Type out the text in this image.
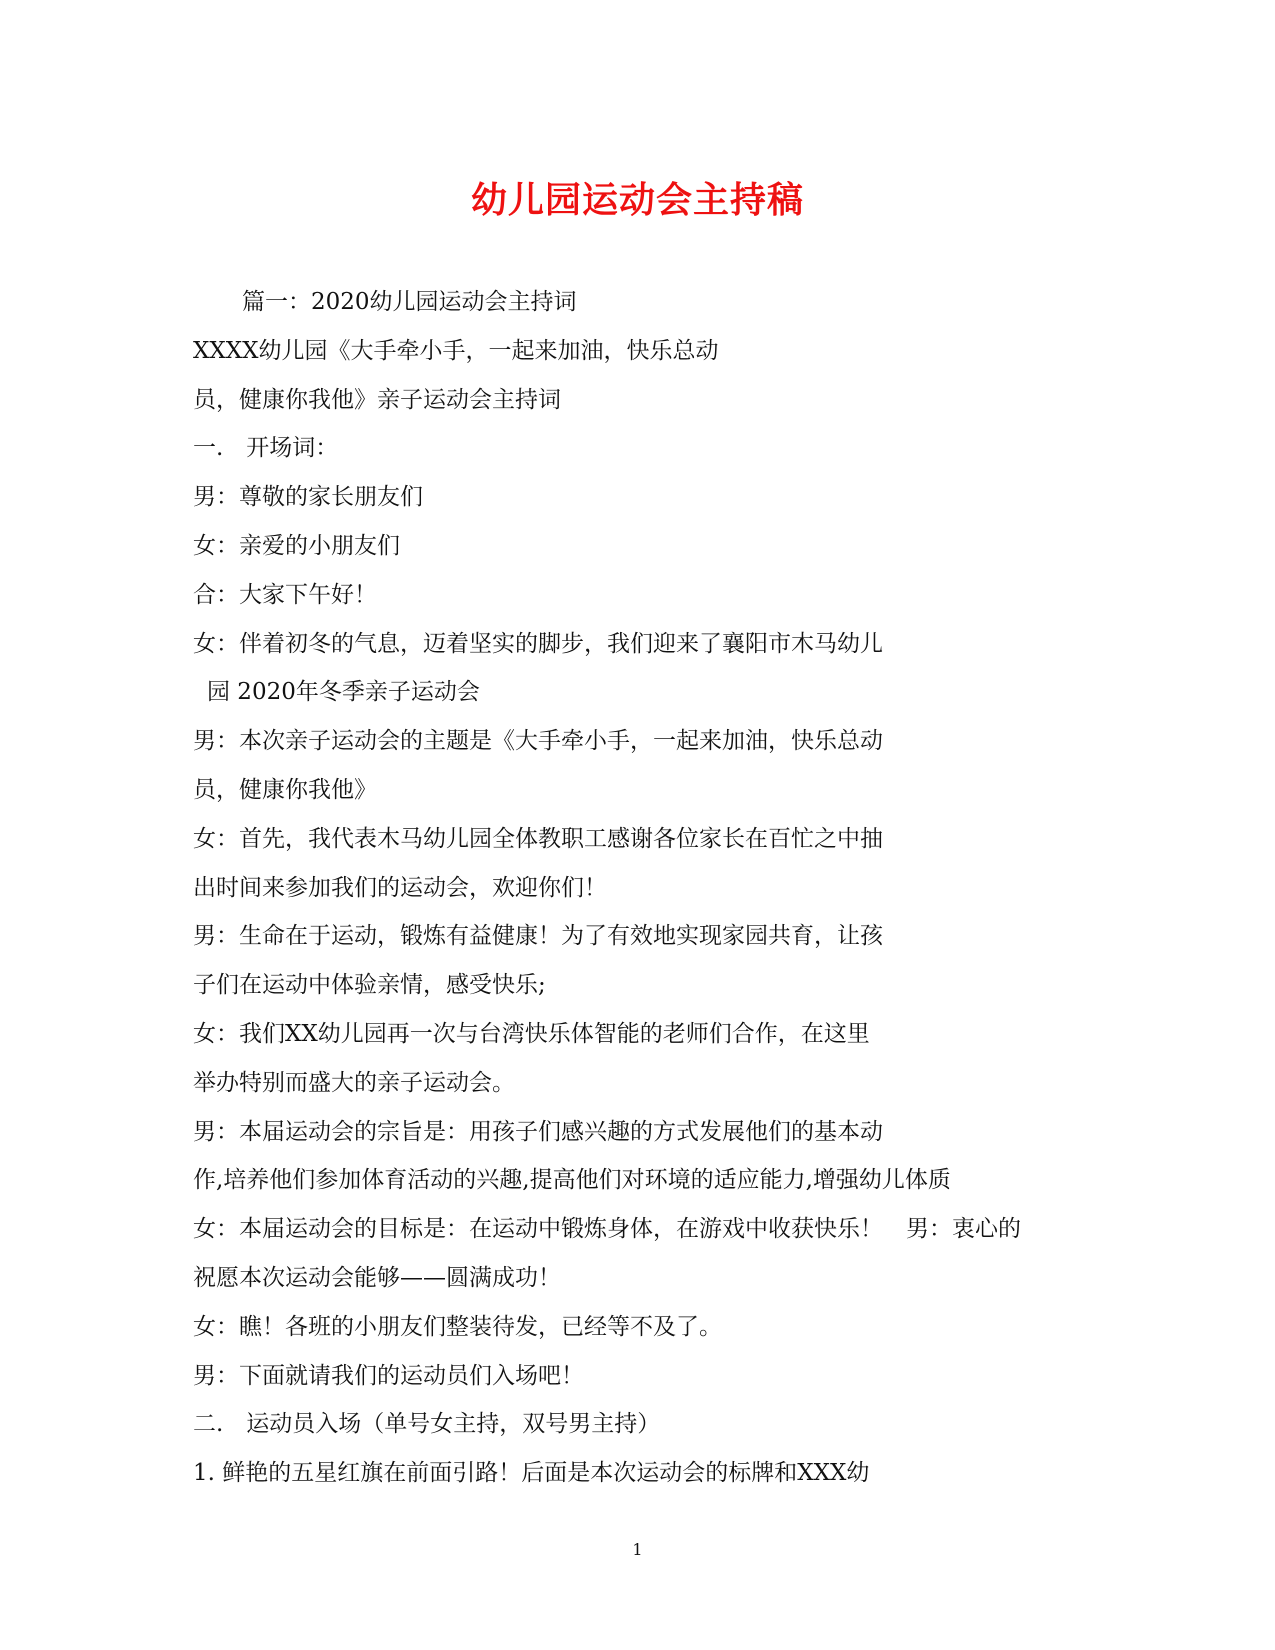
幼儿园运动会主持稿
篇一：2020幼儿园运动会主持词
XXXX幼儿园《大手牵小手，一起来加油，快乐总动
员，健康你我他》亲子运动会主持词
一.　开场词：
男：尊敬的家长朋友们
女：亲爱的小朋友们
合：大家下午好！
女：伴着初冬的气息，迈着坚实的脚步，我们迎来了襄阳市木马幼儿
园 2020年冬季亲子运动会
男：本次亲子运动会的主题是《大手牵小手，一起来加油，快乐总动
员，健康你我他》
女：首先，我代表木马幼儿园全体教职工感谢各位家长在百忙之中抽
出时间来参加我们的运动会，欢迎你们！
男：生命在于运动，锻炼有益健康！为了有效地实现家园共育，让孩
子们在运动中体验亲情，感受快乐;
女：我们XX幼儿园再一次与台湾快乐体智能的老师们合作，在这里
举办特别而盛大的亲子运动会。
男：本届运动会的宗旨是：用孩子们感兴趣的方式发展他们的基本动
作,培养他们参加体育活动的兴趣,提高他们对环境的适应能力,增强幼儿体质
女：本届运动会的目标是：在运动中锻炼身体，在游戏中收获快乐！　男：衷心的
祝愿本次运动会能够——圆满成功！
女：瞧！各班的小朋友们整装待发，已经等不及了。
男：下面就请我们的运动员们入场吧！
二.　运动员入场（单号女主持，双号男主持）
1. 鲜艳的五星红旗在前面引路！后面是本次运动会的标牌和XXX幼
1
